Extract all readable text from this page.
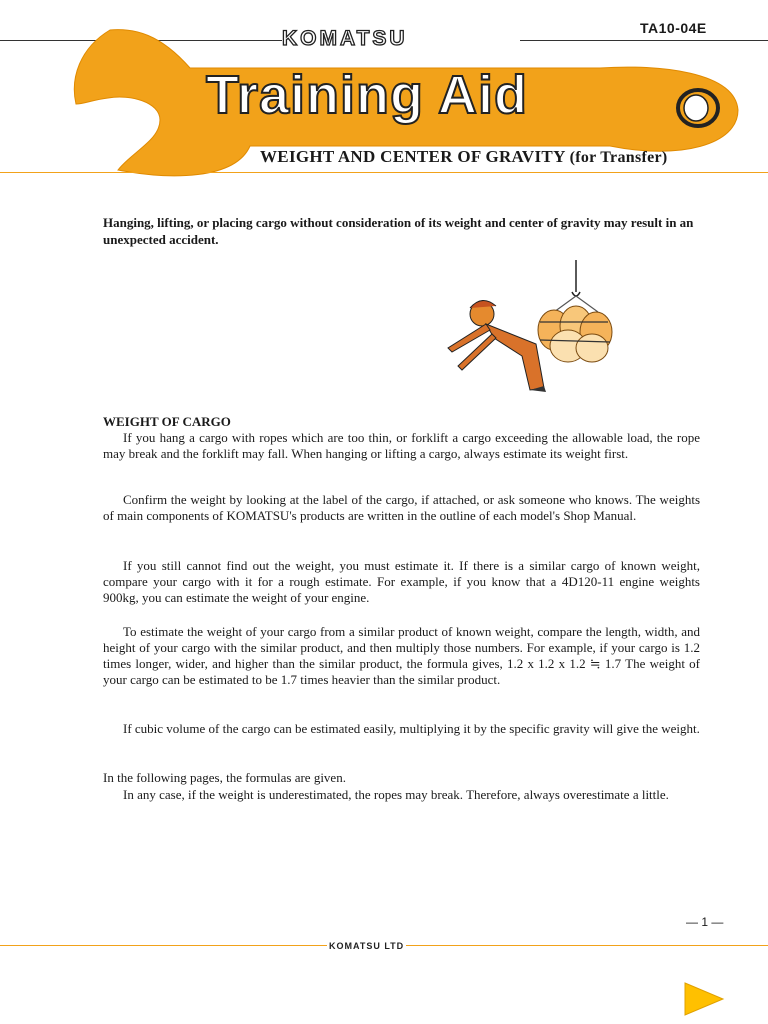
TA10-04E
KOMATSU
Training Aid
WEIGHT AND CENTER OF GRAVITY (for Transfer)
Hanging, lifting, or placing cargo without consideration of its weight and center of gravity may result in an unexpected accident.
WEIGHT OF CARGO
If you hang a cargo with ropes which are too thin, or forklift a cargo exceeding the allowable load, the rope may break and the forklift may fall. When hanging or lifting a cargo, always estimate its weight first.
Confirm the weight by looking at the label of the cargo, if attached, or ask someone who knows. The weights of main components of KOMATSU's products are written in the outline of each model's Shop Manual.
If you still cannot find out the weight, you must estimate it. If there is a similar cargo of known weight, compare your cargo with it for a rough estimate. For example, if you know that a 4D120-11 engine weights 900kg, you can estimate the weight of your engine.
To estimate the weight of your cargo from a similar product of known weight, compare the length, width, and height of your cargo with the similar product, and then multiply those numbers. For example, if your cargo is 1.2 times longer, wider, and higher than the similar product, the formula gives, 1.2 x 1.2 x 1.2 ≒ 1.7 The weight of your cargo can be estimated to be 1.7 times heavier than the similar product.
If cubic volume of the cargo can be estimated easily, multiplying it by the specific gravity will give the weight.
In the following pages, the formulas are given.
In any case, if the weight is underestimated, the ropes may break. Therefore, always overestimate a little.
— 1 —
KOMATSU LTD
